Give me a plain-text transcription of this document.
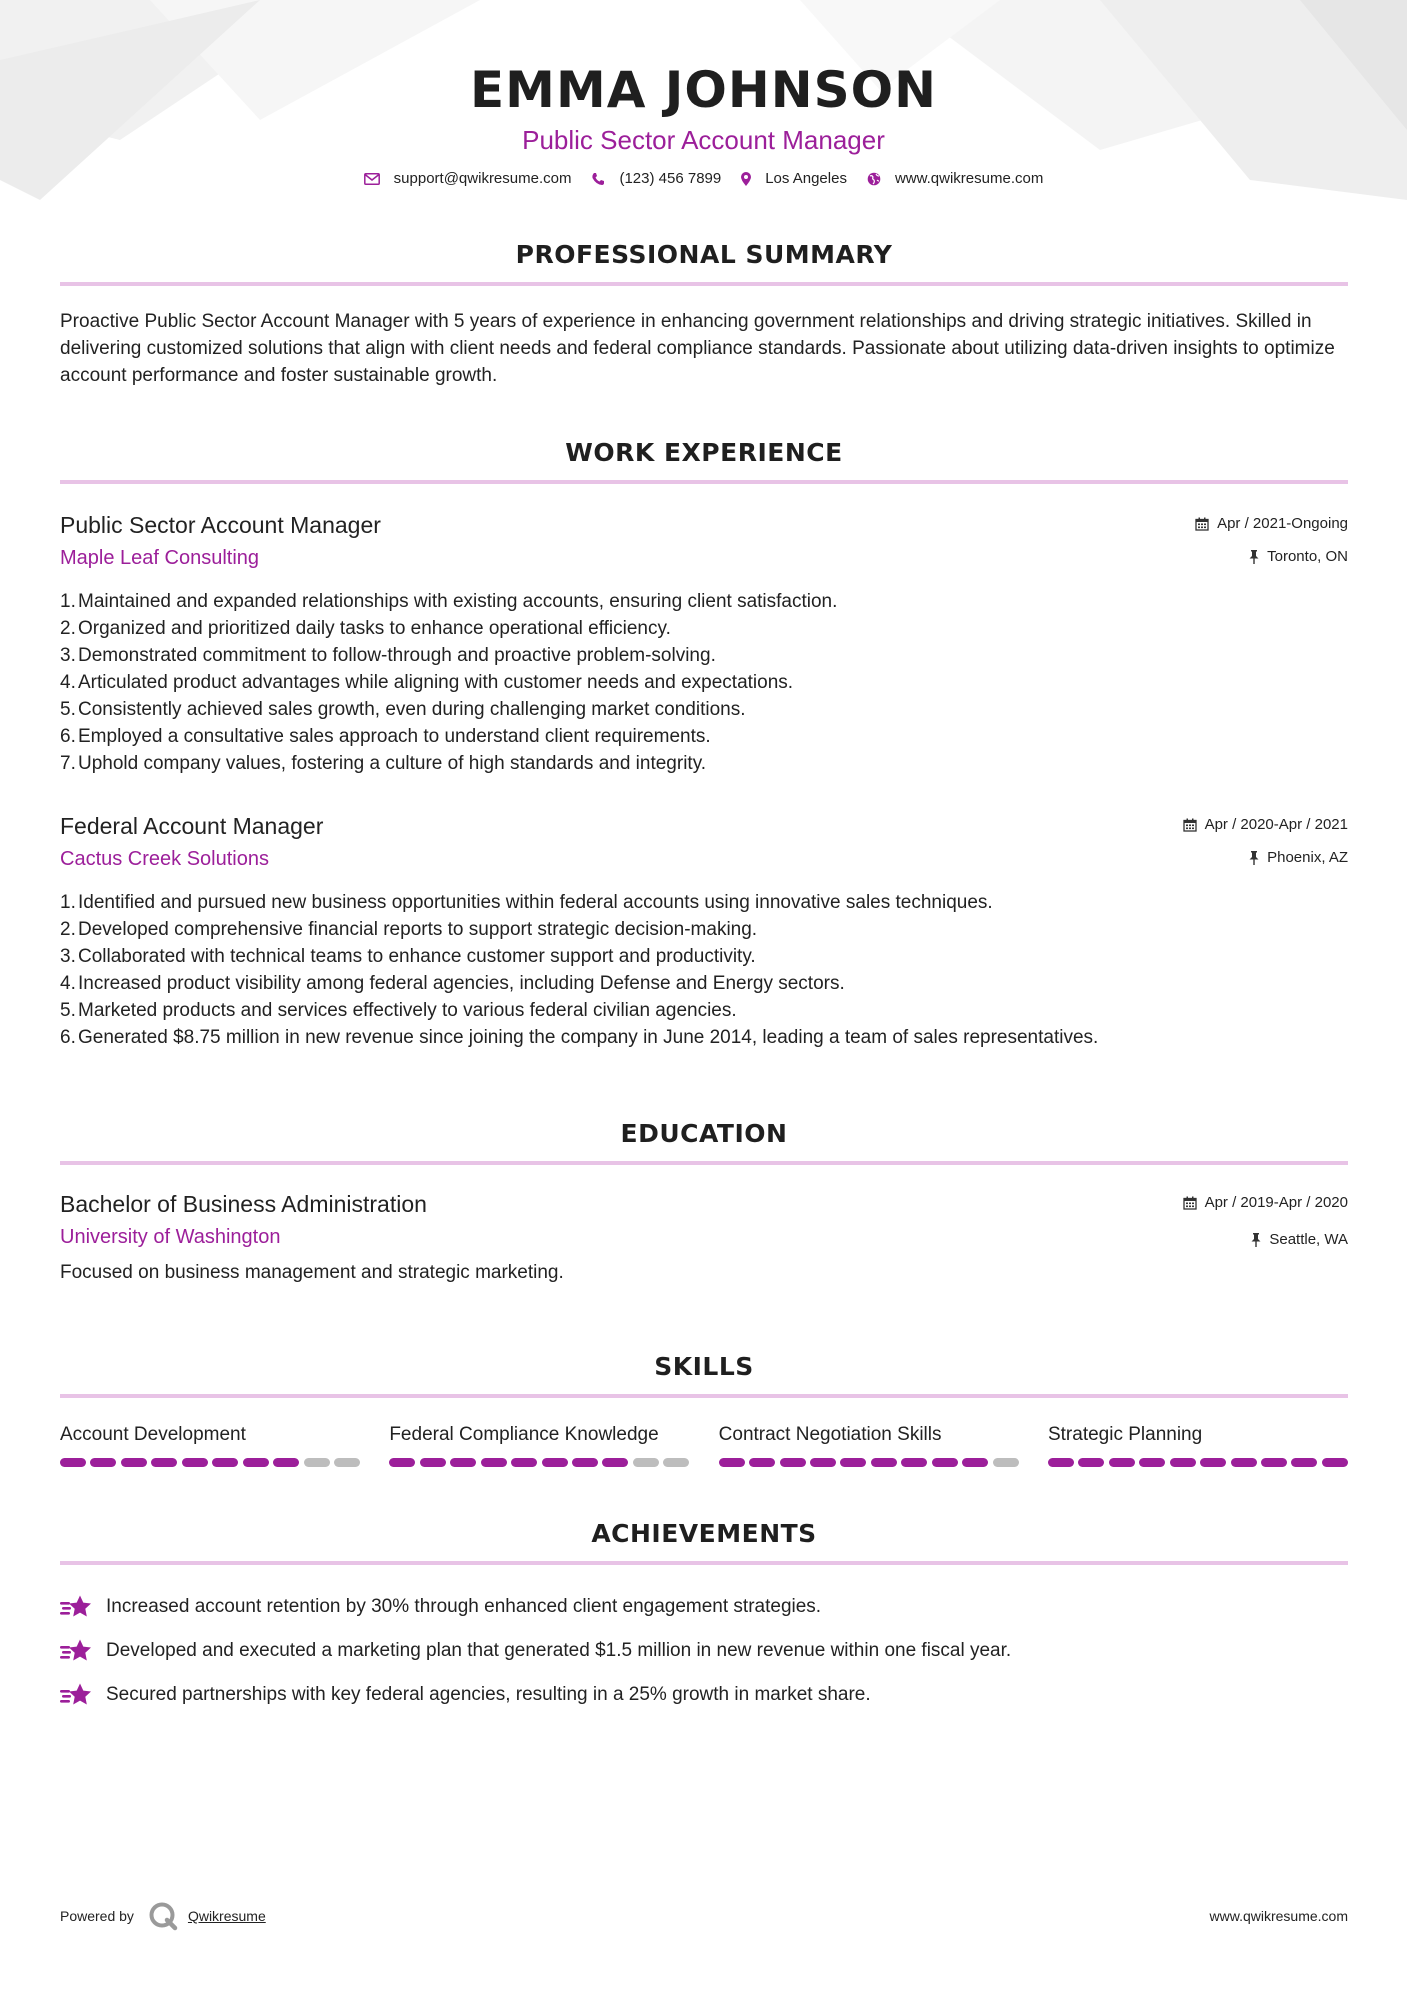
EMMA JOHNSON
Public Sector Account Manager
support@qwikresume.com	(123) 456 7899	Los Angeles	www.qwikresume.com
PROFESSIONAL SUMMARY

Proactive Public Sector Account Manager with 5 years of experience in enhancing government relationships and driving strategic initiatives. Skilled in delivering customized solutions that align with client needs and federal compliance standards. Passionate about utilizing data-driven insights to optimize account performance and foster sustainable growth.

WORK EXPERIENCE
Public Sector Account Manager
Maple Leaf Consulting
Apr / 2021-Ongoing
Toronto, ON
1. Maintained and expanded relationships with existing accounts, ensuring client satisfaction.
2. Organized and prioritized daily tasks to enhance operational efficiency.
3. Demonstrated commitment to follow-through and proactive problem-solving.
4. Articulated product advantages while aligning with customer needs and expectations.
5. Consistently achieved sales growth, even during challenging market conditions.
6. Employed a consultative sales approach to understand client requirements.
7. Uphold company values, fostering a culture of high standards and integrity.
Federal Account Manager
Cactus Creek Solutions
Apr / 2020-Apr / 2021
Phoenix, AZ
1. Identified and pursued new business opportunities within federal accounts using innovative sales techniques.
2. Developed comprehensive financial reports to support strategic decision-making.
3. Collaborated with technical teams to enhance customer support and productivity.
4. Increased product visibility among federal agencies, including Defense and Energy sectors.
5. Marketed products and services effectively to various federal civilian agencies.
6. Generated $8.75 million in new revenue since joining the company in June 2014, leading a team of sales representatives.
EDUCATION
Bachelor of Business Administration
University of Washington
Apr / 2019-Apr / 2020
Seattle, WA

Focused on business management and strategic marketing.

SKILLS
Account Development	Federal Compliance Knowledge	Contract Negotiation Skills	Strategic Planning
ACHIEVEMENTS
Increased account retention by 30% through enhanced client engagement strategies.
Developed and executed a marketing plan that generated $1.5 million in new revenue within one fiscal year.
Secured partnerships with key federal agencies, resulting in a 25% growth in market share.
Powered by	Qwikresume	www.qwikresume.com
